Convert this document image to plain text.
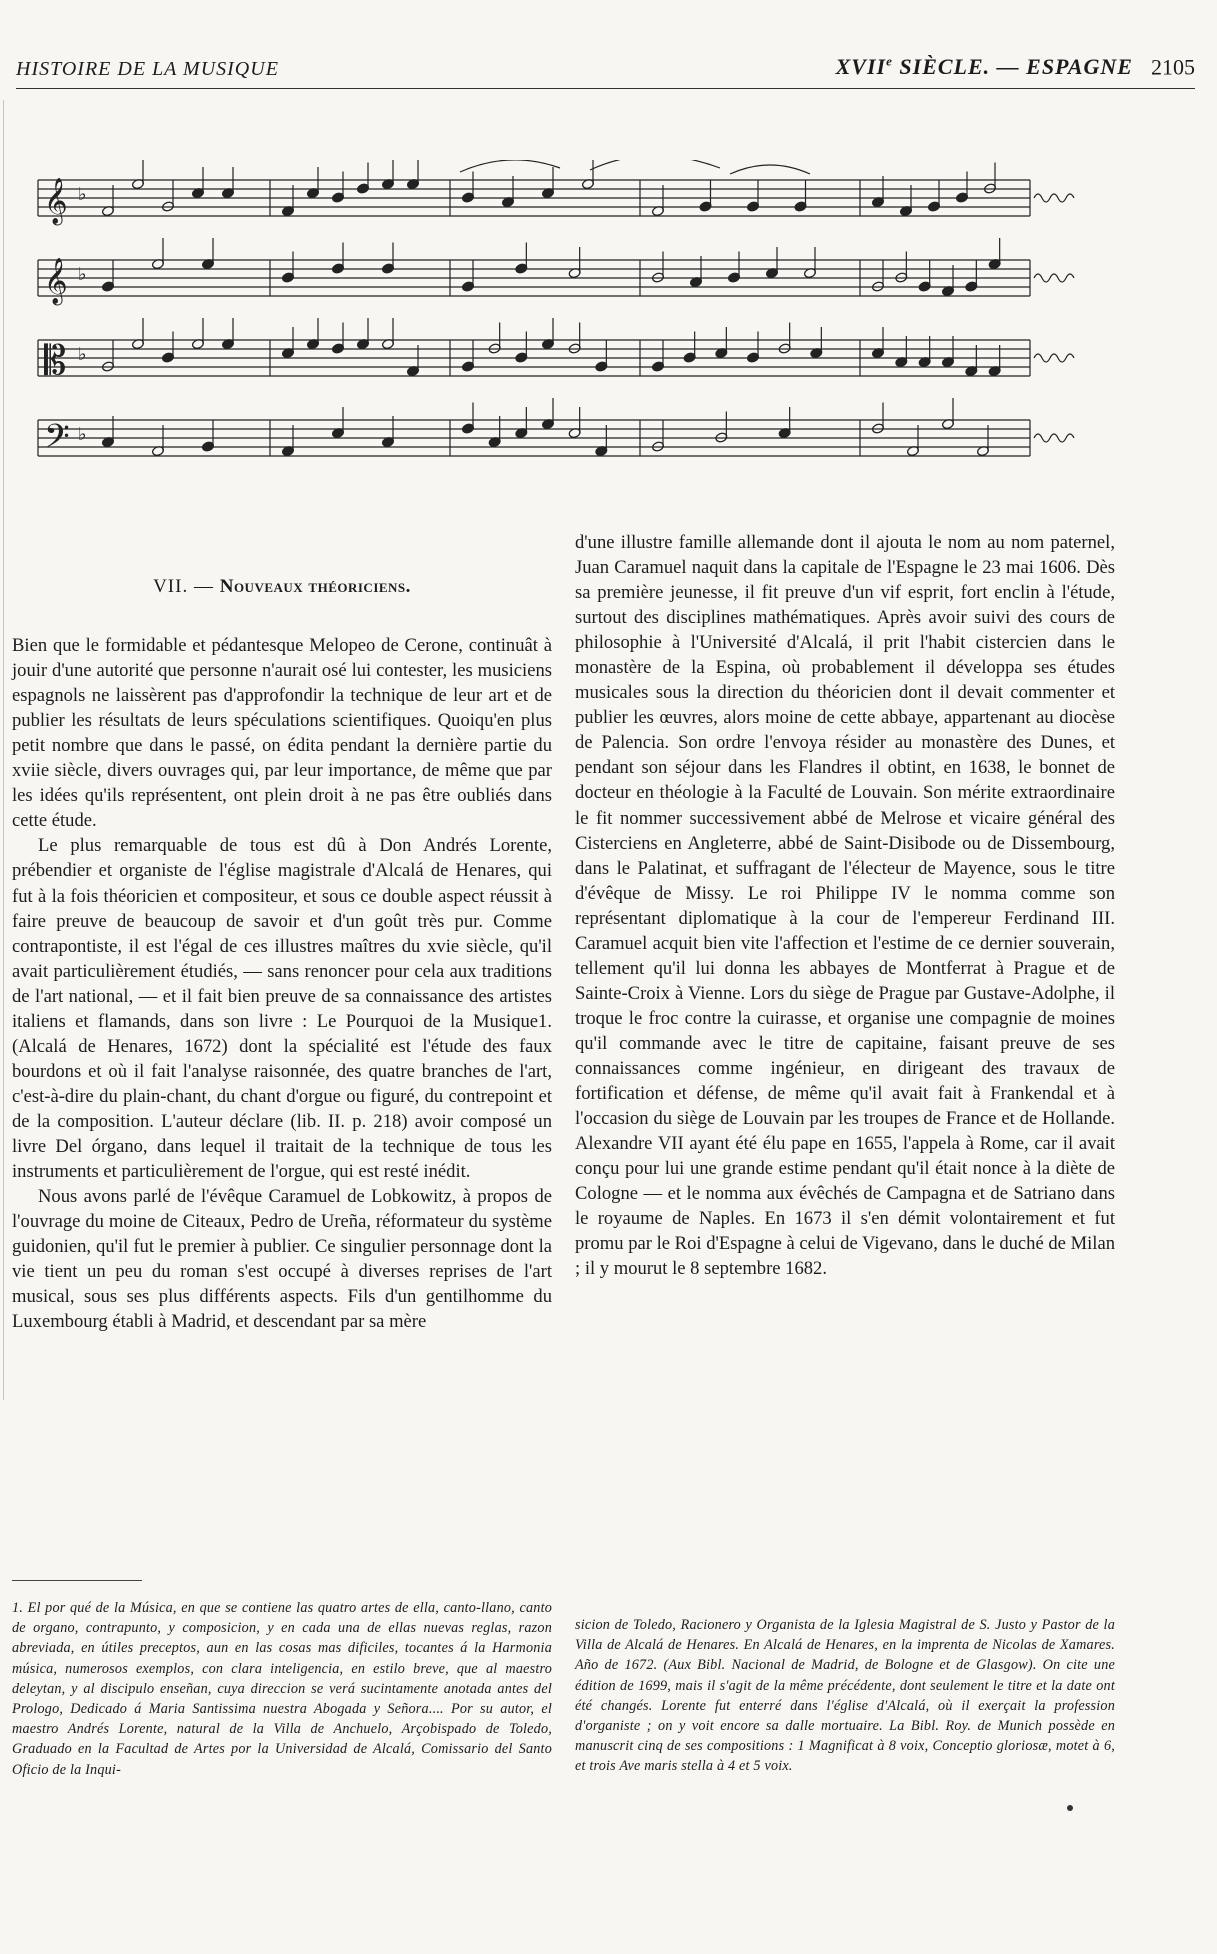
HISTOIRE DE LA MUSIQUE	XVIIe SIÈCLE. — ESPAGNE 2105
𝄞 ♭
𝄞 ♭
𝄡 ♭
𝄢 ♭
VII. — Nouveaux théoriciens.

Bien que le formidable et pédantesque Melopeo de Cerone, continuât à jouir d'une autorité que personne n'aurait osé lui contester, les musiciens espagnols ne laissèrent pas d'approfondir la technique de leur art et de publier les résultats de leurs spéculations scientifiques. Quoiqu'en plus petit nombre que dans le passé, on édita pendant la dernière partie du xviie siècle, divers ouvrages qui, par leur importance, de même que par les idées qu'ils représentent, ont plein droit à ne pas être oubliés dans cette étude.

Le plus remarquable de tous est dû à Don Andrés Lorente, prébendier et organiste de l'église magistrale d'Alcalá de Henares, qui fut à la fois théoricien et compositeur, et sous ce double aspect réussit à faire preuve de beaucoup de savoir et d'un goût très pur. Comme contrapontiste, il est l'égal de ces illustres maîtres du xvie siècle, qu'il avait particulièrement étudiés, — sans renoncer pour cela aux traditions de l'art national, — et il fait bien preuve de sa connaissance des artistes italiens et flamands, dans son livre : Le Pourquoi de la Musique1. (Alcalá de Henares, 1672) dont la spécialité est l'étude des faux bourdons et où il fait l'analyse raisonnée, des quatre branches de l'art, c'est-à-dire du plain-chant, du chant d'orgue ou figuré, du contrepoint et de la composition. L'auteur déclare (lib. II. p. 218) avoir composé un livre Del órgano, dans lequel il traitait de la technique de tous les instruments et particulièrement de l'orgue, qui est resté inédit.

Nous avons parlé de l'évêque Caramuel de Lobkowitz, à propos de l'ouvrage du moine de Citeaux, Pedro de Ureña, réformateur du système guidonien, qu'il fut le premier à publier. Ce singulier personnage dont la vie tient un peu du roman s'est occupé à diverses reprises de l'art musical, sous ses plus différents aspects. Fils d'un gentilhomme du Luxembourg établi à Madrid, et descendant par sa mère

d'une illustre famille allemande dont il ajouta le nom au nom paternel, Juan Caramuel naquit dans la capitale de l'Espagne le 23 mai 1606. Dès sa première jeunesse, il fit preuve d'un vif esprit, fort enclin à l'étude, surtout des disciplines mathématiques. Après avoir suivi des cours de philosophie à l'Université d'Alcalá, il prit l'habit cistercien dans le monastère de la Espina, où probablement il développa ses études musicales sous la direction du théoricien dont il devait commenter et publier les œuvres, alors moine de cette abbaye, appartenant au diocèse de Palencia. Son ordre l'envoya résider au monastère des Dunes, et pendant son séjour dans les Flandres il obtint, en 1638, le bonnet de docteur en théologie à la Faculté de Louvain. Son mérite extraordinaire le fit nommer successivement abbé de Melrose et vicaire général des Cisterciens en Angleterre, abbé de Saint-Disibode ou de Dissembourg, dans le Palatinat, et suffragant de l'électeur de Mayence, sous le titre d'évêque de Missy. Le roi Philippe IV le nomma comme son représentant diplomatique à la cour de l'empereur Ferdinand III. Caramuel acquit bien vite l'affection et l'estime de ce dernier souverain, tellement qu'il lui donna les abbayes de Montferrat à Prague et de Sainte-Croix à Vienne. Lors du siège de Prague par Gustave-Adolphe, il troque le froc contre la cuirasse, et organise une compagnie de moines qu'il commande avec le titre de capitaine, faisant preuve de ses connaissances comme ingénieur, en dirigeant des travaux de fortification et défense, de même qu'il avait fait à Frankendal et à l'occasion du siège de Louvain par les troupes de France et de Hollande. Alexandre VII ayant été élu pape en 1655, l'appela à Rome, car il avait conçu pour lui une grande estime pendant qu'il était nonce à la diète de Cologne — et le nomma aux évêchés de Campagna et de Satriano dans le royaume de Naples. En 1673 il s'en démit volontairement et fut promu par le Roi d'Espagne à celui de Vigevano, dans le duché de Milan ; il y mourut le 8 septembre 1682.

1. El por qué de la Música, en que se contiene las quatro artes de ella, canto-llano, canto de organo, contrapunto, y composicion, y en cada una de ellas nuevas reglas, razon abreviada, en útiles preceptos, aun en las cosas mas dificiles, tocantes á la Harmonia música, numerosos exemplos, con clara inteligencia, en estilo breve, que al maestro deleytan, y al discipulo enseñan, cuya direccion se verá sucintamente anotada antes del Prologo, Dedicado á Maria Santissima nuestra Abogada y Señora.... Por su autor, el maestro Andrés Lorente, natural de la Villa de Anchuelo, Arçobispado de Toledo, Graduado en la Facultad de Artes por la Universidad de Alcalá, Comissario del Santo Oficio de la Inqui-
sicion de Toledo, Racionero y Organista de la Iglesia Magistral de S. Justo y Pastor de la Villa de Alcalá de Henares. En Alcalá de Henares, en la imprenta de Nicolas de Xamares. Año de 1672. (Aux Bibl. Nacional de Madrid, de Bologne et de Glasgow). On cite une édition de 1699, mais il s'agit de la même précédente, dont seulement le titre et la date ont été changés. Lorente fut enterré dans l'église d'Alcalá, où il exerçait la profession d'organiste ; on y voit encore sa dalle mortuaire. La Bibl. Roy. de Munich possède en manuscrit cinq de ses compositions : 1 Magnificat à 8 voix, Conceptio gloriosæ, motet à 6, et trois Ave maris stella à 4 et 5 voix.
